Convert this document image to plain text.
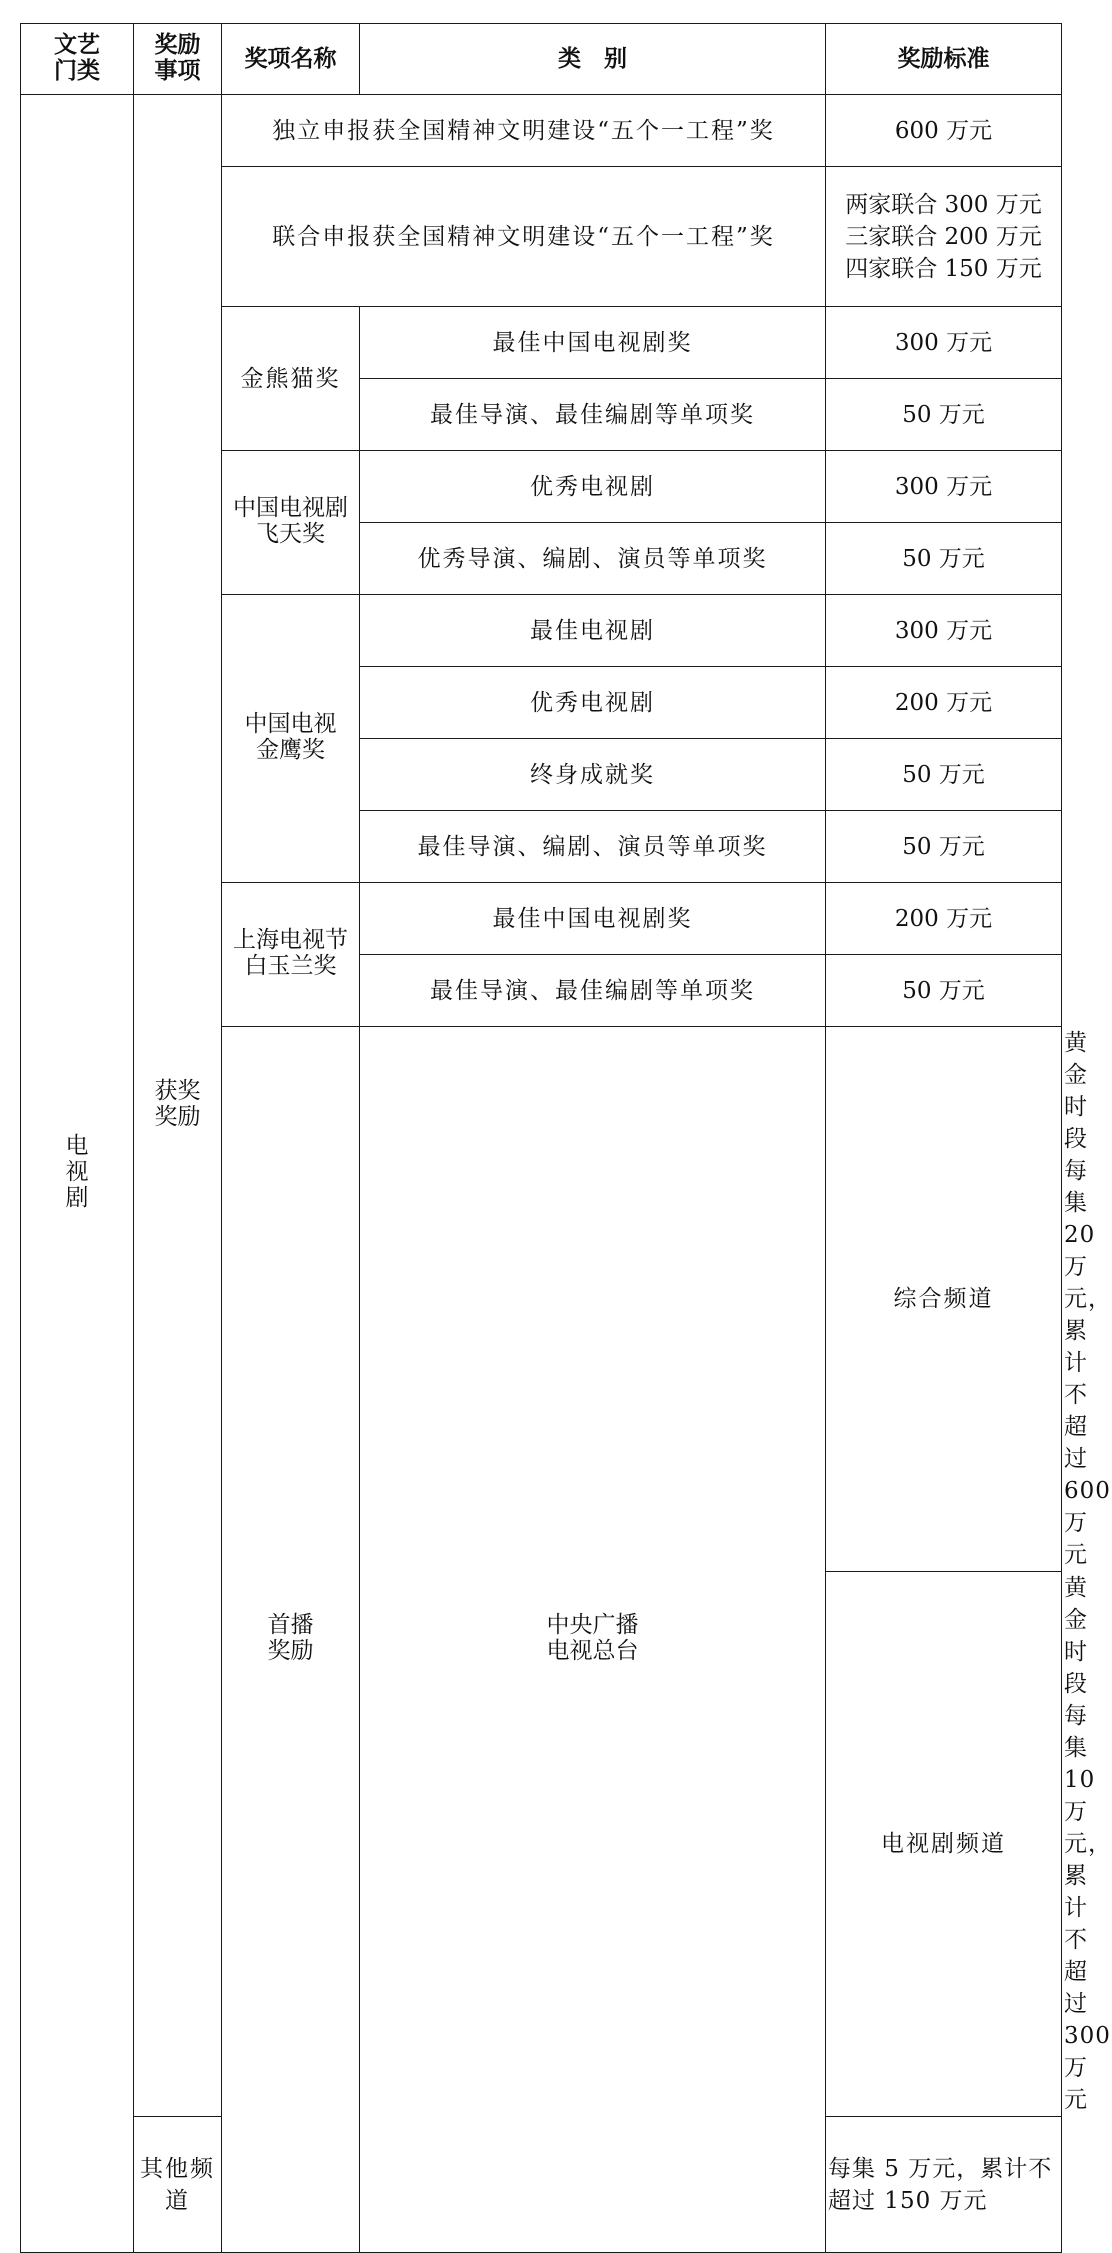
文艺门类	奖励事项	奖项名称	类　别	奖励标准	
电视剧	获奖奖励	独立申报获全国精神文明建设“五个一工程”奖		600 万元	
		联合申报获全国精神文明建设“五个一工程”奖		两家联合 300 万元
三家联合 200 万元
四家联合 150 万元	

		金熊猫奖	最佳中国电视剧奖	300 万元	
			最佳导演、最佳编剧等单项奖	50 万元	
		中国电视剧飞天奖	优秀电视剧	300 万元	
			优秀导演、编剧、演员等单项奖	50 万元	
		中国电视金鹰奖	最佳电视剧	300 万元	
			优秀电视剧	200 万元	
			终身成就奖	50 万元	
			最佳导演、编剧、演员等单项奖	50 万元	
		上海电视节白玉兰奖	最佳中国电视剧奖	200 万元	
			最佳导演、最佳编剧等单项奖	50 万元	
		首播奖励	中央广播电视总台	综合频道	黄金时段每集 20 万元，累计不超过 600 万元
				电视剧频道	黄金时段每集 10 万元，累计不超过 300 万元
	其他频道			每集 5 万元，累计不超过 150 万元	
